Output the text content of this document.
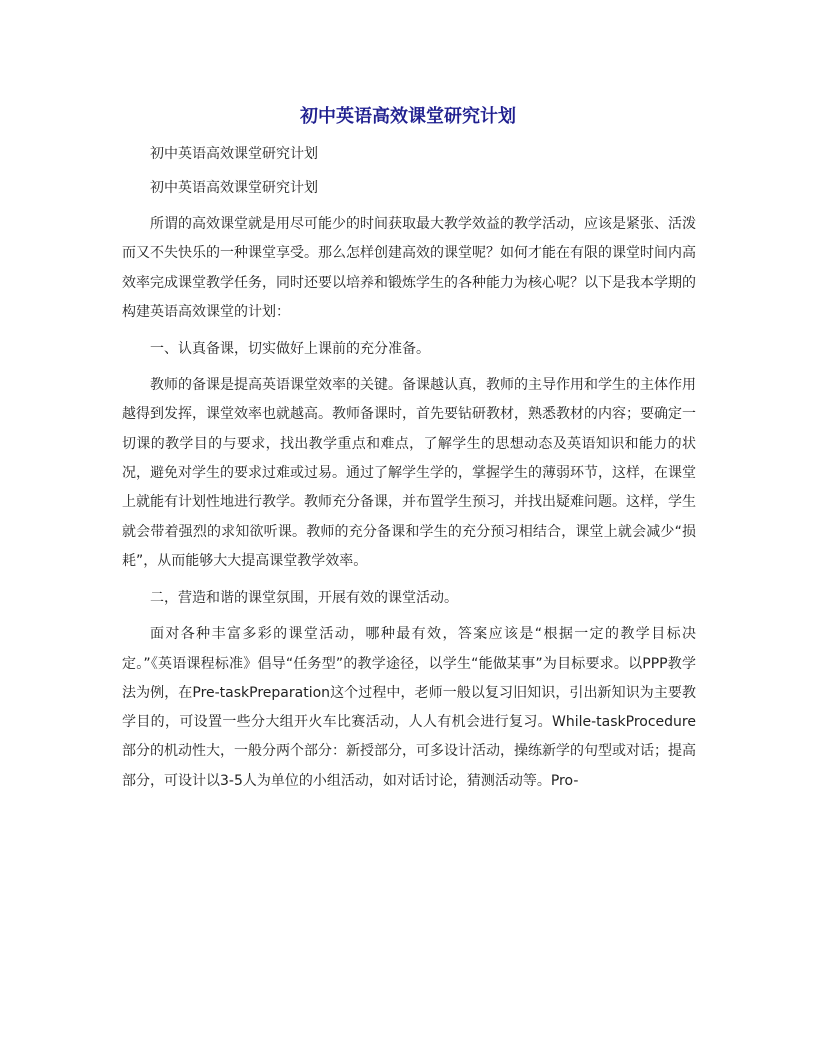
初中英语高效课堂研究计划

初中英语高效课堂研究计划

初中英语高效课堂研究计划

所谓的高效课堂就是用尽可能少的时间获取最大教学效益的教学活动，应该是紧张、活泼而又不失快乐的一种课堂享受。那么怎样创建高效的课堂呢？如何才能在有限的课堂时间内高效率完成课堂教学任务，同时还要以培养和锻炼学生的各种能力为核心呢？以下是我本学期的构建英语高效课堂的计划：

一、认真备课，切实做好上课前的充分准备。

教师的备课是提高英语课堂效率的关键。备课越认真，教师的主导作用和学生的主体作用越得到发挥，课堂效率也就越高。教师备课时，首先要钻研教材，熟悉教材的内容；要确定一切课的教学目的与要求，找出教学重点和难点，了解学生的思想动态及英语知识和能力的状况，避免对学生的要求过难或过易。通过了解学生学的，掌握学生的薄弱环节，这样，在课堂上就能有计划性地进行教学。教师充分备课，并布置学生预习，并找出疑难问题。这样，学生就会带着强烈的求知欲听课。教师的充分备课和学生的充分预习相结合，课堂上就会减少“损耗”，从而能够大大提高课堂教学效率。

二，营造和谐的课堂氛围，开展有效的课堂活动。

面对各种丰富多彩的课堂活动，哪种最有效，答案应该是“根据一定的教学目标决定。”《英语课程标准》倡导“任务型”的教学途径，以学生“能做某事”为目标要求。以PPP教学法为例，在Pre-taskPreparation这个过程中，老师一般以复习旧知识，引出新知识为主要教学目的，可设置一些分大组开火车比赛活动，人人有机会进行复习。While-taskProcedure部分的机动性大，一般分两个部分：新授部分，可多设计活动，操练新学的句型或对话；提高部分，可设计以3-5人为单位的小组活动，如对话讨论，猜测活动等。Pro-
